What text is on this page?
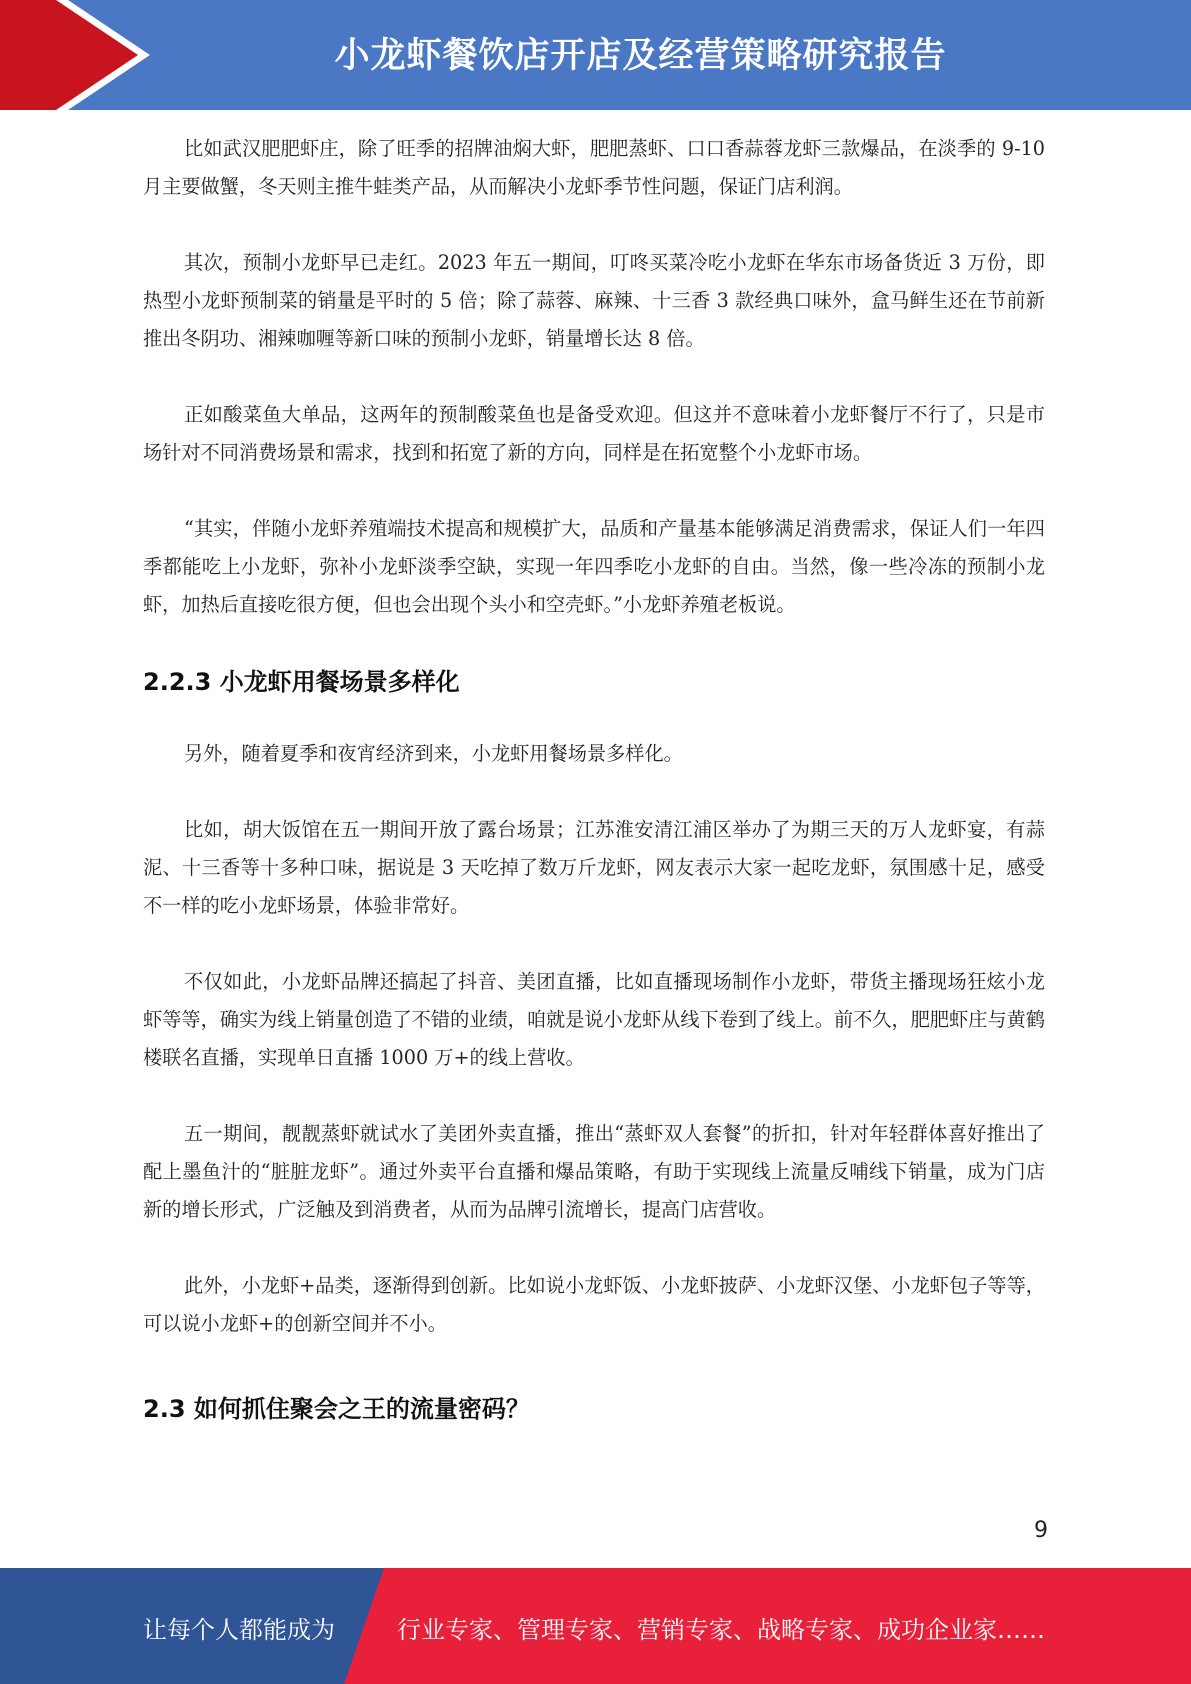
小龙虾餐饮店开店及经营策略研究报告

比如武汉肥肥虾庄，除了旺季的招牌油焖大虾，肥肥蒸虾、口口香蒜蓉龙虾三款爆品，在淡季的 9-10 月主要做蟹，冬天则主推牛蛙类产品，从而解决小龙虾季节性问题，保证门店利润。

其次，预制小龙虾早已走红。2023 年五一期间，叮咚买菜冷吃小龙虾在华东市场备货近 3 万份，即热型小龙虾预制菜的销量是平时的 5 倍；除了蒜蓉、麻辣、十三香 3 款经典口味外，盒马鲜生还在节前新推出冬阴功、湘辣咖喱等新口味的预制小龙虾，销量增长达 8 倍。

正如酸菜鱼大单品，这两年的预制酸菜鱼也是备受欢迎。但这并不意味着小龙虾餐厅不行了，只是市场针对不同消费场景和需求，找到和拓宽了新的方向，同样是在拓宽整个小龙虾市场。

“其实，伴随小龙虾养殖端技术提高和规模扩大，品质和产量基本能够满足消费需求，保证人们一年四季都能吃上小龙虾，弥补小龙虾淡季空缺，实现一年四季吃小龙虾的自由。当然，像一些冷冻的预制小龙虾，加热后直接吃很方便，但也会出现个头小和空壳虾。”小龙虾养殖老板说。

2.2.3 小龙虾用餐场景多样化

另外，随着夏季和夜宵经济到来，小龙虾用餐场景多样化。

比如，胡大饭馆在五一期间开放了露台场景；江苏淮安清江浦区举办了为期三天的万人龙虾宴，有蒜泥、十三香等十多种口味，据说是 3 天吃掉了数万斤龙虾，网友表示大家一起吃龙虾，氛围感十足，感受不一样的吃小龙虾场景，体验非常好。

不仅如此，小龙虾品牌还搞起了抖音、美团直播，比如直播现场制作小龙虾，带货主播现场狂炫小龙虾等等，确实为线上销量创造了不错的业绩，咱就是说小龙虾从线下卷到了线上。前不久，肥肥虾庄与黄鹤楼联名直播，实现单日直播 1000 万+的线上营收。

五一期间，靓靓蒸虾就试水了美团外卖直播，推出“蒸虾双人套餐”的折扣，针对年轻群体喜好推出了配上墨鱼汁的“脏脏龙虾”。通过外卖平台直播和爆品策略，有助于实现线上流量反哺线下销量，成为门店新的增长形式，广泛触及到消费者，从而为品牌引流增长，提高门店营收。

此外，小龙虾+品类，逐渐得到创新。比如说小龙虾饭、小龙虾披萨、小龙虾汉堡、小龙虾包子等等，可以说小龙虾+的创新空间并不小。

2.3 如何抓住聚会之王的流量密码？
9
让每个人都能成为	行业专家、管理专家、营销专家、战略专家、成功企业家……
